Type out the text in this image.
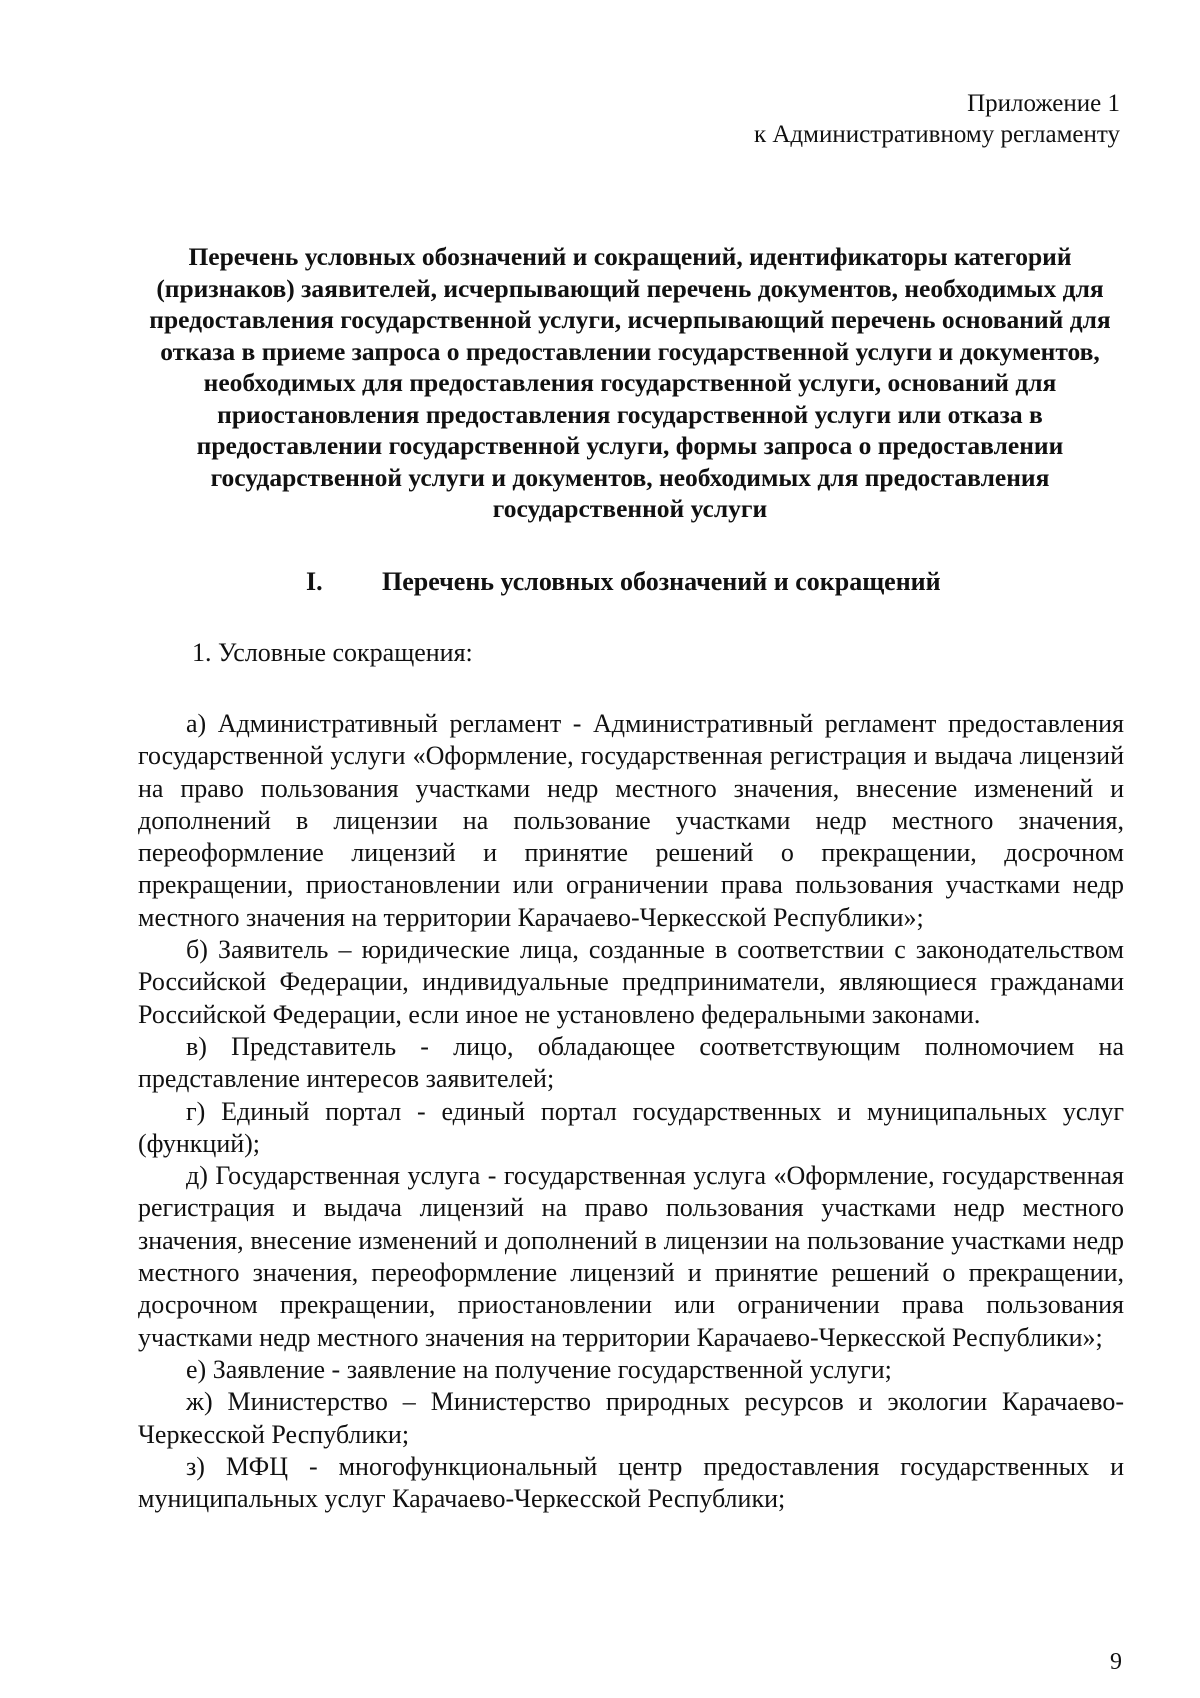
Приложение 1
к Административному регламенту
Перечень условных обозначений и сокращений, идентификаторы категорий (признаков) заявителей, исчерпывающий перечень документов, необходимых для предоставления государственной услуги, исчерпывающий перечень оснований для отказа в приеме запроса о предоставлении государственной услуги и документов, необходимых для предоставления государственной услуги, оснований для приостановления предоставления государственной услуги или отказа в предоставлении государственной услуги, формы запроса о предоставлении государственной услуги и документов, необходимых для предоставления государственной услуги
I. Перечень условных обозначений и сокращений
1. Условные сокращения:

а) Административный регламент - Административный регламент предоставления государственной услуги «Оформление, государственная регистрация и выдача лицензий на право пользования участками недр местного значения, внесение изменений и дополнений в лицензии на пользование участками недр местного значения, переоформление лицензий и принятие решений о прекращении, досрочном прекращении, приостановлении или ограничении права пользования участками недр местного значения на территории Карачаево-Черкесской Республики»;

б) Заявитель – юридические лица, созданные в соответствии с законодательством Российской Федерации, индивидуальные предприниматели, являющиеся гражданами Российской Федерации, если иное не установлено федеральными законами.

в) Представитель - лицо, обладающее соответствующим полномочием на представление интересов заявителей;

г) Единый портал - единый портал государственных и муниципальных услуг (функций);

д) Государственная услуга - государственная услуга «Оформление, государственная регистрация и выдача лицензий на право пользования участками недр местного значения, внесение изменений и дополнений в лицензии на пользование участками недр местного значения, переоформление лицензий и принятие решений о прекращении, досрочном прекращении, приостановлении или ограничении права пользования участками недр местного значения на территории Карачаево-Черкесской Республики»;

е) Заявление - заявление на получение государственной услуги;

ж) Министерство – Министерство природных ресурсов и экологии Карачаево-Черкесской Республики;

з) МФЦ - многофункциональный центр предоставления государственных и муниципальных услуг Карачаево-Черкесской Республики;

9
